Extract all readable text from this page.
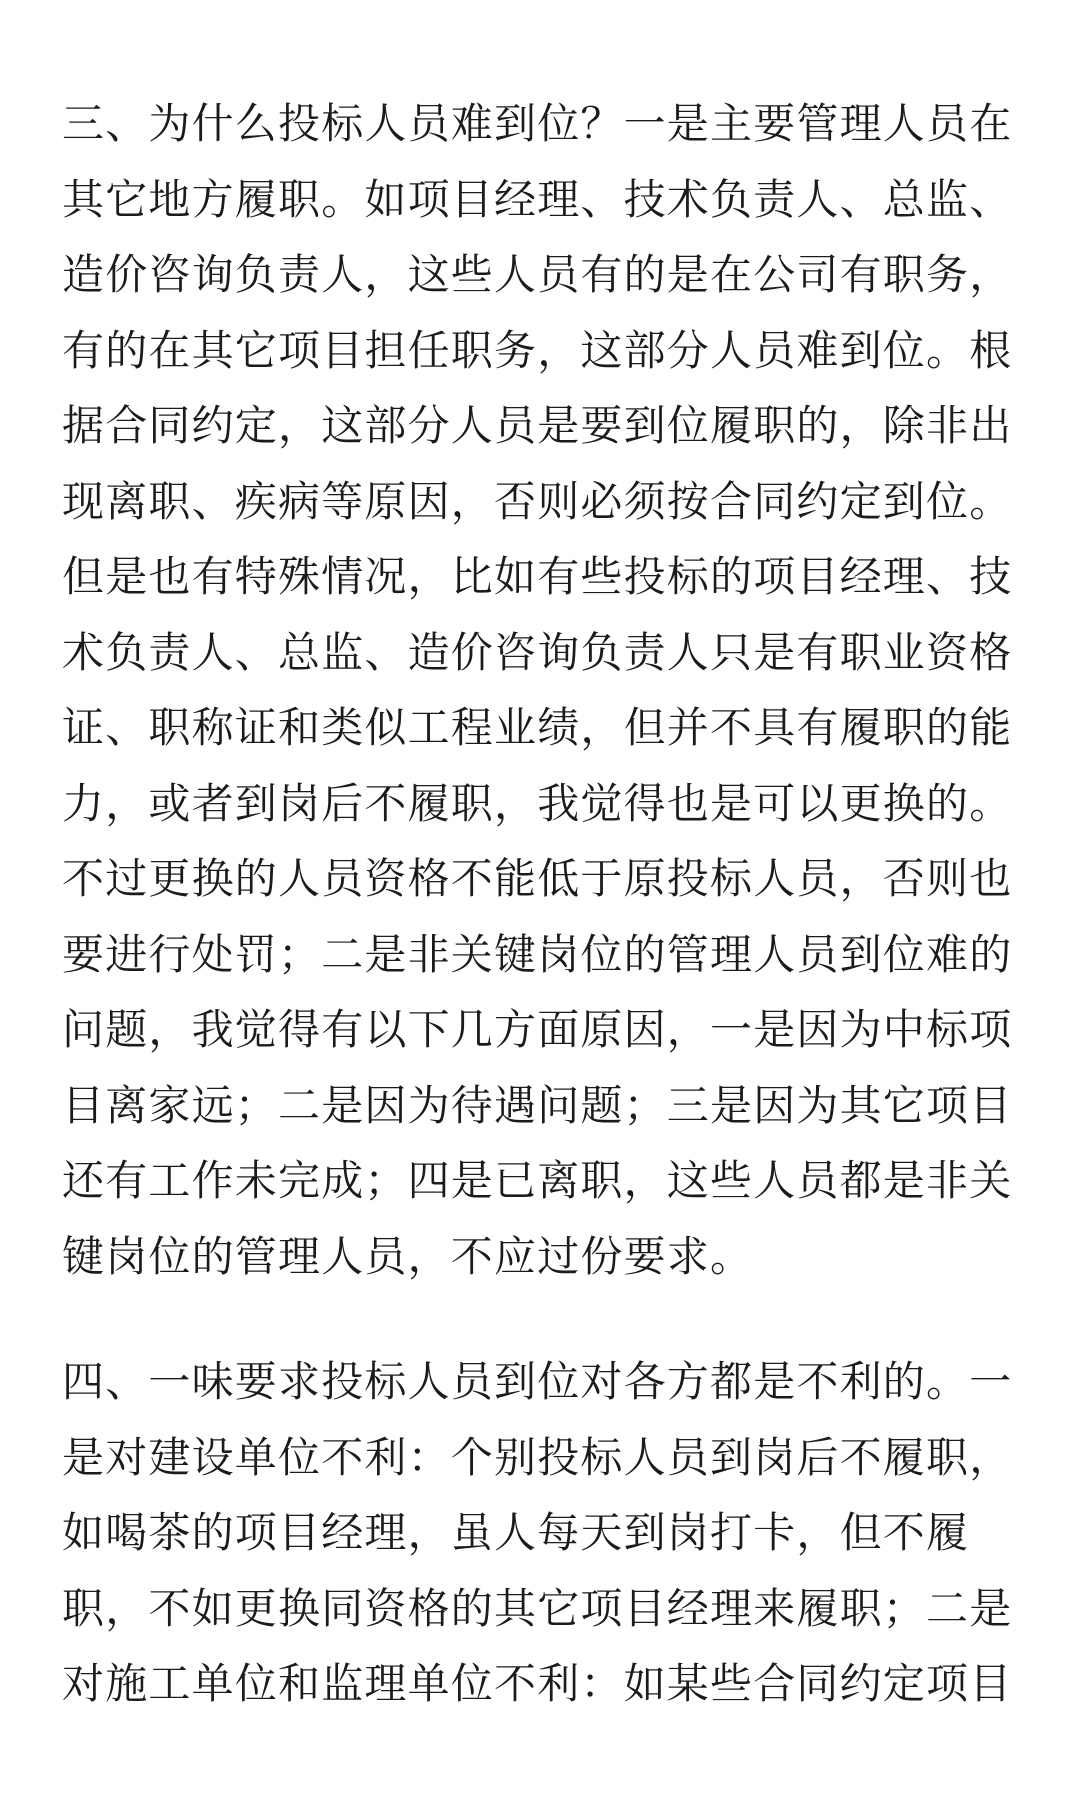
三、为什么投标人员难到位？一是主要管理人员在
其它地方履职。如项目经理、技术负责人、总监、
造价咨询负责人，这些人员有的是在公司有职务，
有的在其它项目担任职务，这部分人员难到位。根
据合同约定，这部分人员是要到位履职的，除非出
现离职、疾病等原因，否则必须按合同约定到位。
但是也有特殊情况，比如有些投标的项目经理、技
术负责人、总监、造价咨询负责人只是有职业资格
证、职称证和类似工程业绩，但并不具有履职的能
力，或者到岗后不履职，我觉得也是可以更换的。
不过更换的人员资格不能低于原投标人员，否则也
要进行处罚；二是非关键岗位的管理人员到位难的
问题，我觉得有以下几方面原因，一是因为中标项
目离家远；二是因为待遇问题；三是因为其它项目
还有工作未完成；四是已离职，这些人员都是非关
键岗位的管理人员，不应过份要求。
四、一味要求投标人员到位对各方都是不利的。一
是对建设单位不利：个别投标人员到岗后不履职，
如喝茶的项目经理，虽人每天到岗打卡，但不履
职，不如更换同资格的其它项目经理来履职；二是
对施工单位和监理单位不利：如某些合同约定项目
